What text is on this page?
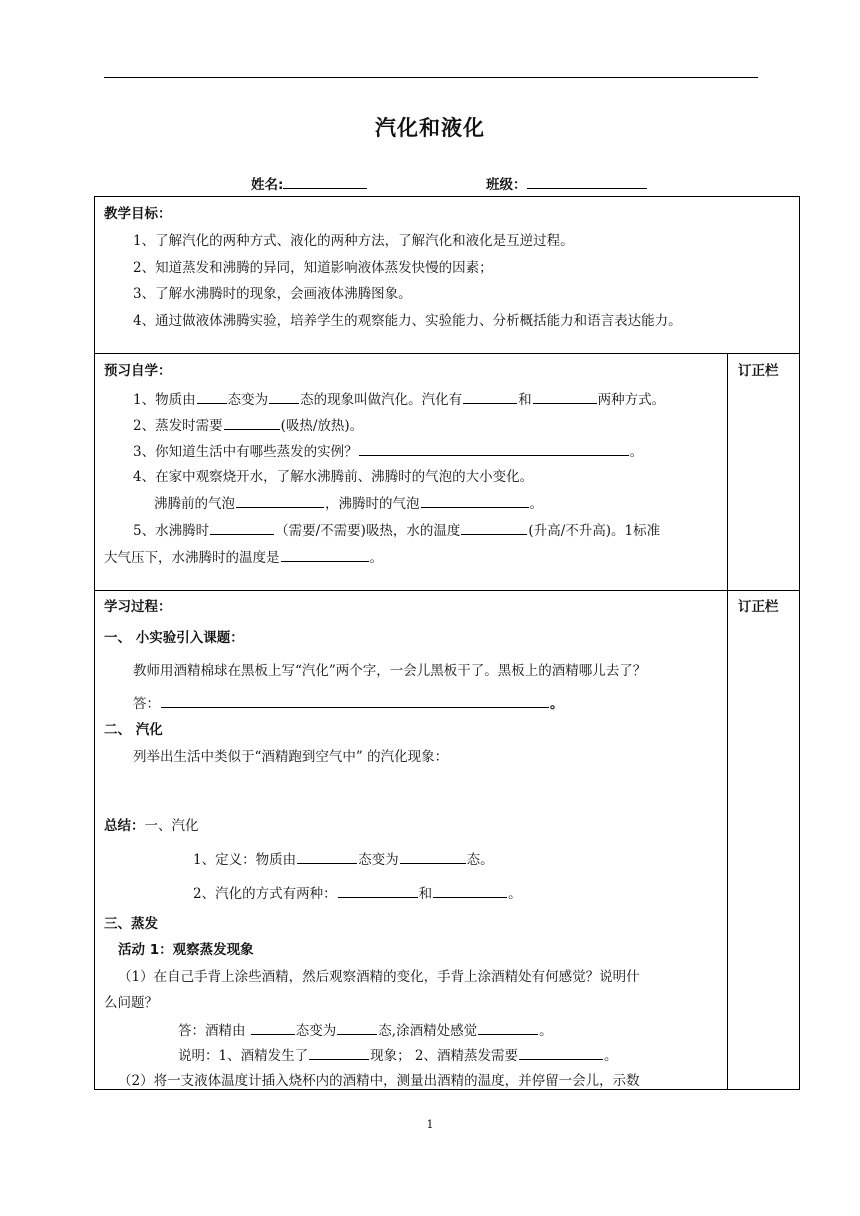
汽化和液化
姓名:	班级：
教学目标：
1、了解汽化的两种方式、液化的两种方法，了解汽化和液化是互逆过程。
2、知道蒸发和沸腾的异同，知道影响液体蒸发快慢的因素；
3、了解水沸腾时的现象，会画液体沸腾图象。
4、通过做液体沸腾实验，培养学生的观察能力、实验能力、分析概括能力和语言表达能力。
预习自学：	订正栏
1、物质由 态变为 态的现象叫做汽化。汽化有	和	两种方式。
2、蒸发时需要	(吸热/放热)。
3、你知道生活中有哪些蒸发的实例？	。
4、在家中观察烧开水，了解水沸腾前、沸腾时的气泡的大小变化。
沸腾前的气泡	，沸腾时的气泡	。
5、水沸腾时	（需要/不需要)吸热，水的温度	(升高/不升高)。1标准
大气压下，水沸腾时的温度是	。
学习过程：	订正栏
一、 小实验引入课题：
教师用酒精棉球在黑板上写“汽化”两个字，一会儿黑板干了。黑板上的酒精哪儿去了？
答：	。
二、 汽化
列举出生活中类似于“酒精跑到空气中” 的汽化现象：
总结：一、汽化
1、定义：物质由	态变为	态。
2、汽化的方式有两种：	和	。
三、蒸发
活动 1：观察蒸发现象
（1）在自己手背上涂些酒精，然后观察酒精的变化，手背上涂酒精处有何感觉？说明什
么问题？
答：酒精由	态变为	态,涂酒精处感觉	。
说明：1、酒精发生了	现象； 2、酒精蒸发需要	。
（2）将一支液体温度计插入烧杯内的酒精中，测量出酒精的温度，并停留一会儿，示数
1
